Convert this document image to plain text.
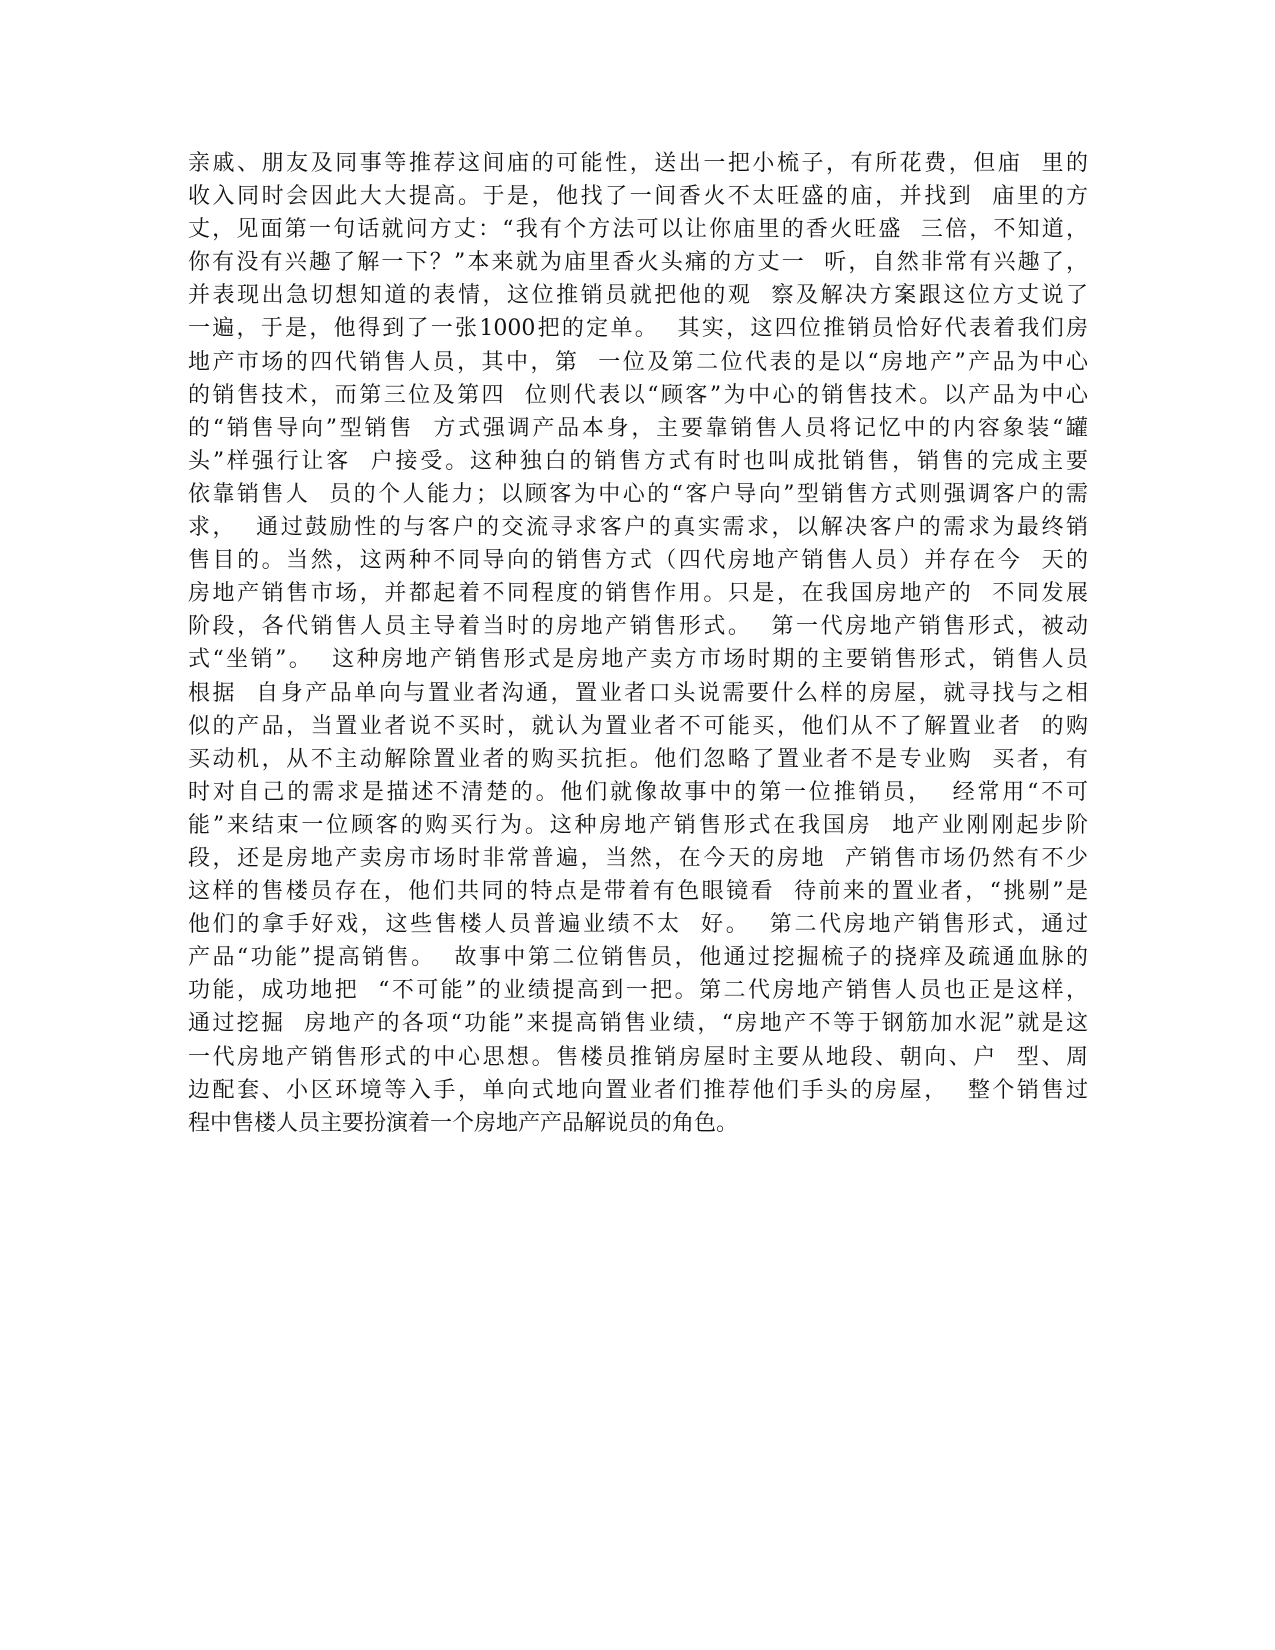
亲戚、朋友及同事等推荐这间庙的可能性，送出一把小梳子，有所花费，但庙  里的
收入同时会因此大大提高。于是，他找了一间香火不太旺盛的庙，并找到  庙里的方
丈，见面第一句话就问方丈：“我有个方法可以让你庙里的香火旺盛  三倍，不知道，
你有没有兴趣了解一下？”本来就为庙里香火头痛的方丈一  听，自然非常有兴趣了，
并表现出急切想知道的表情，这位推销员就把他的观  察及解决方案跟这位方丈说了
一遍，于是，他得到了一张1000把的定单。  其实，这四位推销员恰好代表着我们房
地产市场的四代销售人员，其中，第  一位及第二位代表的是以“房地产”产品为中心
的销售技术，而第三位及第四  位则代表以“顾客”为中心的销售技术。以产品为中心
的“销售导向”型销售  方式强调产品本身，主要靠销售人员将记忆中的内容象装“罐
头”样强行让客  户接受。这种独白的销售方式有时也叫成批销售，销售的完成主要
依靠销售人  员的个人能力；以顾客为中心的“客户导向”型销售方式则强调客户的需
求，  通过鼓励性的与客户的交流寻求客户的真实需求，以解决客户的需求为最终销
售目的。当然，这两种不同导向的销售方式（四代房地产销售人员）并存在今  天的
房地产销售市场，并都起着不同程度的销售作用。只是，在我国房地产的  不同发展
阶段，各代销售人员主导着当时的房地产销售形式。  第一代房地产销售形式，被动
式“坐销”。  这种房地产销售形式是房地产卖方市场时期的主要销售形式，销售人员
根据  自身产品单向与置业者沟通，置业者口头说需要什么样的房屋，就寻找与之相
似的产品，当置业者说不买时，就认为置业者不可能买，他们从不了解置业者  的购
买动机，从不主动解除置业者的购买抗拒。他们忽略了置业者不是专业购  买者，有
时对自己的需求是描述不清楚的。他们就像故事中的第一位推销员，  经常用“不可
能”来结束一位顾客的购买行为。这种房地产销售形式在我国房  地产业刚刚起步阶
段，还是房地产卖房市场时非常普遍，当然，在今天的房地  产销售市场仍然有不少
这样的售楼员存在，他们共同的特点是带着有色眼镜看  待前来的置业者，“挑剔”是
他们的拿手好戏，这些售楼人员普遍业绩不太  好。  第二代房地产销售形式，通过
产品“功能”提高销售。  故事中第二位销售员，他通过挖掘梳子的挠痒及疏通血脉的
功能，成功地把  “不可能”的业绩提高到一把。第二代房地产销售人员也正是这样，
通过挖掘  房地产的各项“功能”来提高销售业绩，“房地产不等于钢筋加水泥”就是这
一代房地产销售形式的中心思想。售楼员推销房屋时主要从地段、朝向、户  型、周
边配套、小区环境等入手，单向式地向置业者们推荐他们手头的房屋，  整个销售过
程中售楼人员主要扮演着一个房地产产品解说员的角色。
